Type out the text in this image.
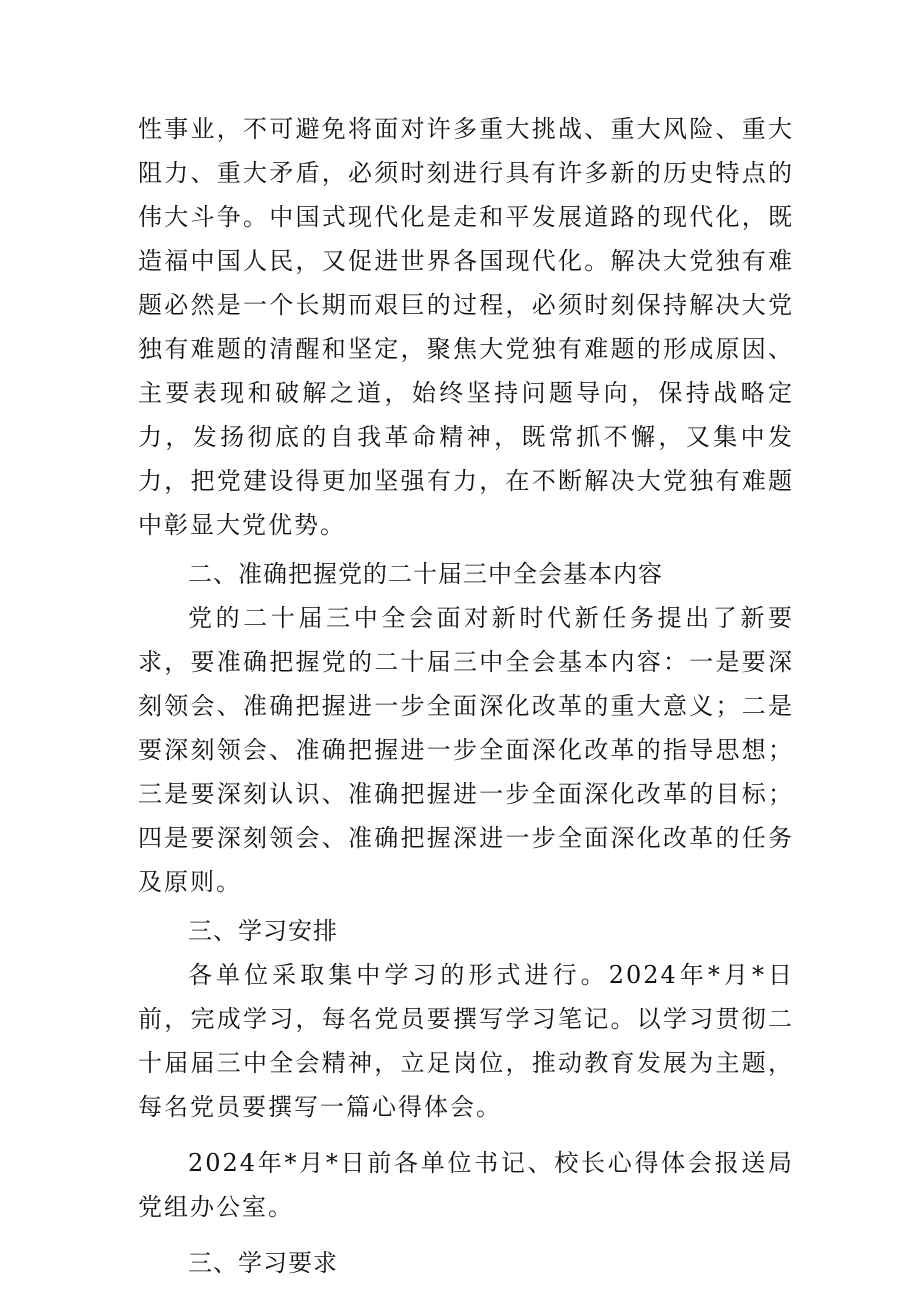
性事业，不可避免将面对许多重大挑战、重大风险、重大阻力、重大矛盾，必须时刻进行具有许多新的历史特点的伟大斗争。中国式现代化是走和平发展道路的现代化，既造福中国人民，又促进世界各国现代化。解决大党独有难题必然是一个长期而艰巨的过程，必须时刻保持解决大党独有难题的清醒和坚定，聚焦大党独有难题的形成原因、主要表现和破解之道，始终坚持问题导向，保持战略定力，发扬彻底的自我革命精神，既常抓不懈，又集中发力，把党建设得更加坚强有力，在不断解决大党独有难题中彰显大党优势。

二、准确把握党的二十届三中全会基本内容

党的二十届三中全会面对新时代新任务提出了新要求，要准确把握党的二十届三中全会基本内容：一是要深刻领会、准确把握进一步全面深化改革的重大意义；二是要深刻领会、准确把握进一步全面深化改革的指导思想；三是要深刻认识、准确把握进一步全面深化改革的目标；四是要深刻领会、准确把握深进一步全面深化改革的任务及原则。

三、学习安排

各单位采取集中学习的形式进行。2024年*月*日前，完成学习，每名党员要撰写学习笔记。以学习贯彻二十届届三中全会精神，立足岗位，推动教育发展为主题，每名党员要撰写一篇心得体会。

2024年*月*日前各单位书记、校长心得体会报送局党组办公室。

三、学习要求
